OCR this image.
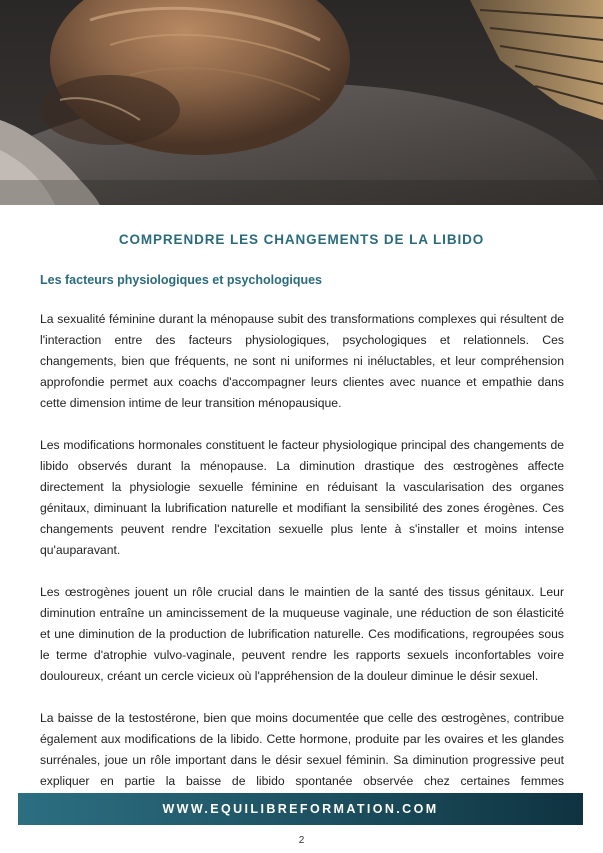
COMPRENDRE LES CHANGEMENTS DE LA LIBIDO
Les facteurs physiologiques et psychologiques

La sexualité féminine durant la ménopause subit des transformations complexes qui résultent de l'interaction entre des facteurs physiologiques, psychologiques et relationnels. Ces changements, bien que fréquents, ne sont ni uniformes ni inéluctables, et leur compréhension approfondie permet aux coachs d'accompagner leurs clientes avec nuance et empathie dans cette dimension intime de leur transition ménopausique.

Les modifications hormonales constituent le facteur physiologique principal des changements de libido observés durant la ménopause. La diminution drastique des œstrogènes affecte directement la physiologie sexuelle féminine en réduisant la vascularisation des organes génitaux, diminuant la lubrification naturelle et modifiant la sensibilité des zones érogènes. Ces changements peuvent rendre l'excitation sexuelle plus lente à s'installer et moins intense qu'auparavant.

Les œstrogènes jouent un rôle crucial dans le maintien de la santé des tissus génitaux. Leur diminution entraîne un amincissement de la muqueuse vaginale, une réduction de son élasticité et une diminution de la production de lubrification naturelle. Ces modifications, regroupées sous le terme d'atrophie vulvo-vaginale, peuvent rendre les rapports sexuels inconfortables voire douloureux, créant un cercle vicieux où l'appréhension de la douleur diminue le désir sexuel.

La baisse de la testostérone, bien que moins documentée que celle des œstrogènes, contribue également aux modifications de la libido. Cette hormone, produite par les ovaires et les glandes surrénales, joue un rôle important dans le désir sexuel féminin. Sa diminution progressive peut expliquer en partie la baisse de libido spontanée observée chez certaines femmes

WWW.EQUILIBREFORMATION.COM
2
